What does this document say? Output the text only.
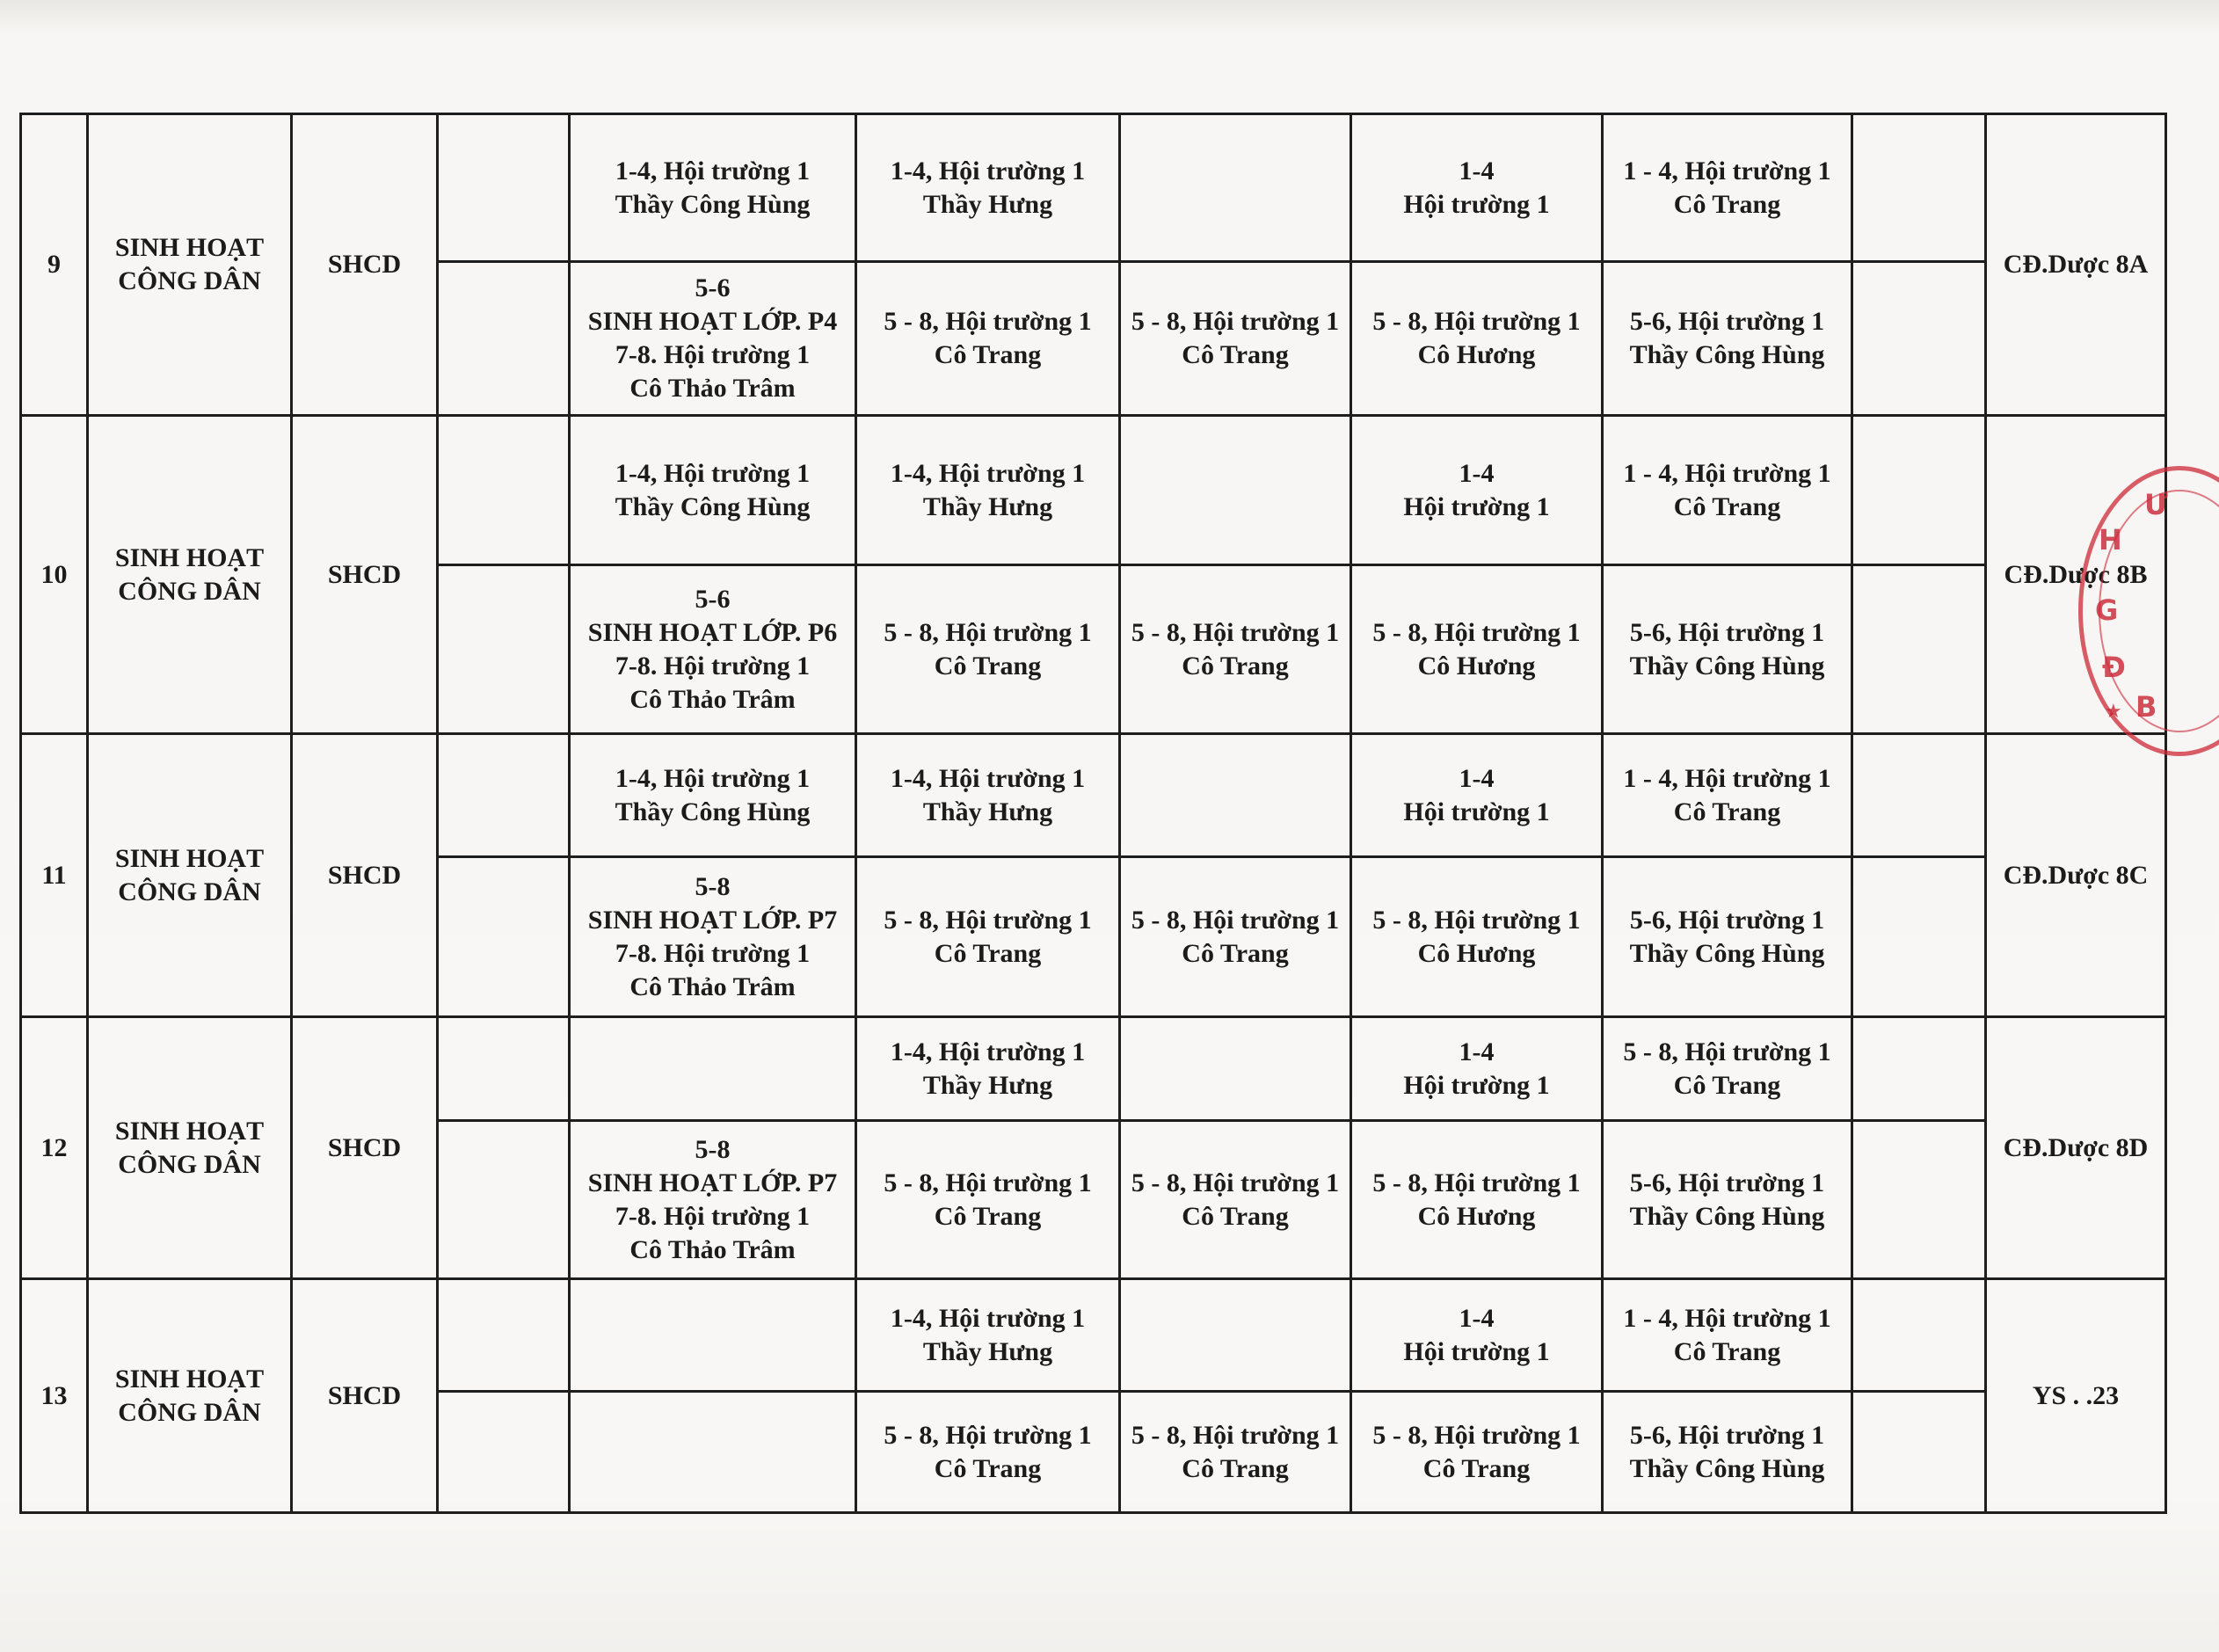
9	SINH HOẠT
CÔNG DÂN	SHCD		1-4, Hội trường 1
Thầy Công Hùng	1-4, Hội trường 1
Thầy Hưng		1-4
Hội trường 1	1 - 4, Hội trường 1
Cô Trang		CĐ.Dược 8A

				5-6
SINH HOẠT LỚP. P4
7-8. Hội trường 1
Cô Thảo Trâm	5 - 8, Hội trường 1
Cô Trang	5 - 8, Hội trường 1
Cô Trang	5 - 8, Hội trường 1
Cô Hương	5-6, Hội trường 1
Thầy Công Hùng		

10	SINH HOẠT
CÔNG DÂN	SHCD		1-4, Hội trường 1
Thầy Công Hùng	1-4, Hội trường 1
Thầy Hưng		1-4
Hội trường 1	1 - 4, Hội trường 1
Cô Trang		CĐ.Dược 8B

				5-6
SINH HOẠT LỚP. P6
7-8. Hội trường 1
Cô Thảo Trâm	5 - 8, Hội trường 1
Cô Trang	5 - 8, Hội trường 1
Cô Trang	5 - 8, Hội trường 1
Cô Hương	5-6, Hội trường 1
Thầy Công Hùng		

11	SINH HOẠT
CÔNG DÂN	SHCD		1-4, Hội trường 1
Thầy Công Hùng	1-4, Hội trường 1
Thầy Hưng		1-4
Hội trường 1	1 - 4, Hội trường 1
Cô Trang		CĐ.Dược 8C

				5-8
SINH HOẠT LỚP. P7
7-8. Hội trường 1
Cô Thảo Trâm	5 - 8, Hội trường 1
Cô Trang	5 - 8, Hội trường 1
Cô Trang	5 - 8, Hội trường 1
Cô Hương	5-6, Hội trường 1
Thầy Công Hùng		

12	SINH HOẠT
CÔNG DÂN	SHCD			1-4, Hội trường 1
Thầy Hưng		1-4
Hội trường 1	5 - 8, Hội trường 1
Cô Trang		CĐ.Dược 8D

				5-8
SINH HOẠT LỚP. P7
7-8. Hội trường 1
Cô Thảo Trâm	5 - 8, Hội trường 1
Cô Trang	5 - 8, Hội trường 1
Cô Trang	5 - 8, Hội trường 1
Cô Hương	5-6, Hội trường 1
Thầy Công Hùng		

13	SINH HOẠT
CÔNG DÂN	SHCD			1-4, Hội trường 1
Thầy Hưng		1-4
Hội trường 1	1 - 4, Hội trường 1
Cô Trang		YS . .23

					5 - 8, Hội trường 1
Cô Trang	5 - 8, Hội trường 1
Cô Trang	5 - 8, Hội trường 1
Cô Trang	5-6, Hội trường 1
Thầy Công Hùng		

H
G
Đ
Ư
B
★
